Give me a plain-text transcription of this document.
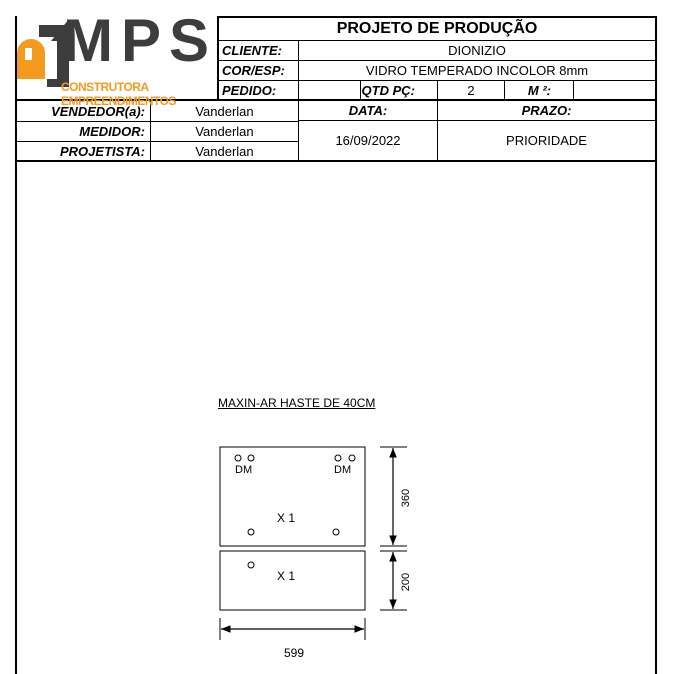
MPS
CONSTRUTORA EMPREENDIMENTOS
PROJETO DE PRODUÇÃO
CLIENTE:	DIONIZIO
COR/ESP:	VIDRO TEMPERADO INCOLOR 8mm
PEDIDO:	QTD PÇ:	2	M ²:
VENDEDOR(a):	Vanderlan
MEDIDOR:	Vanderlan
PROJETISTA:	Vanderlan
DATA:
16/09/2022
PRAZO:
PRIORIDADE
MAXIN-AR HASTE DE 40CM
DM	DM
X 1
X 1
360
200
599
